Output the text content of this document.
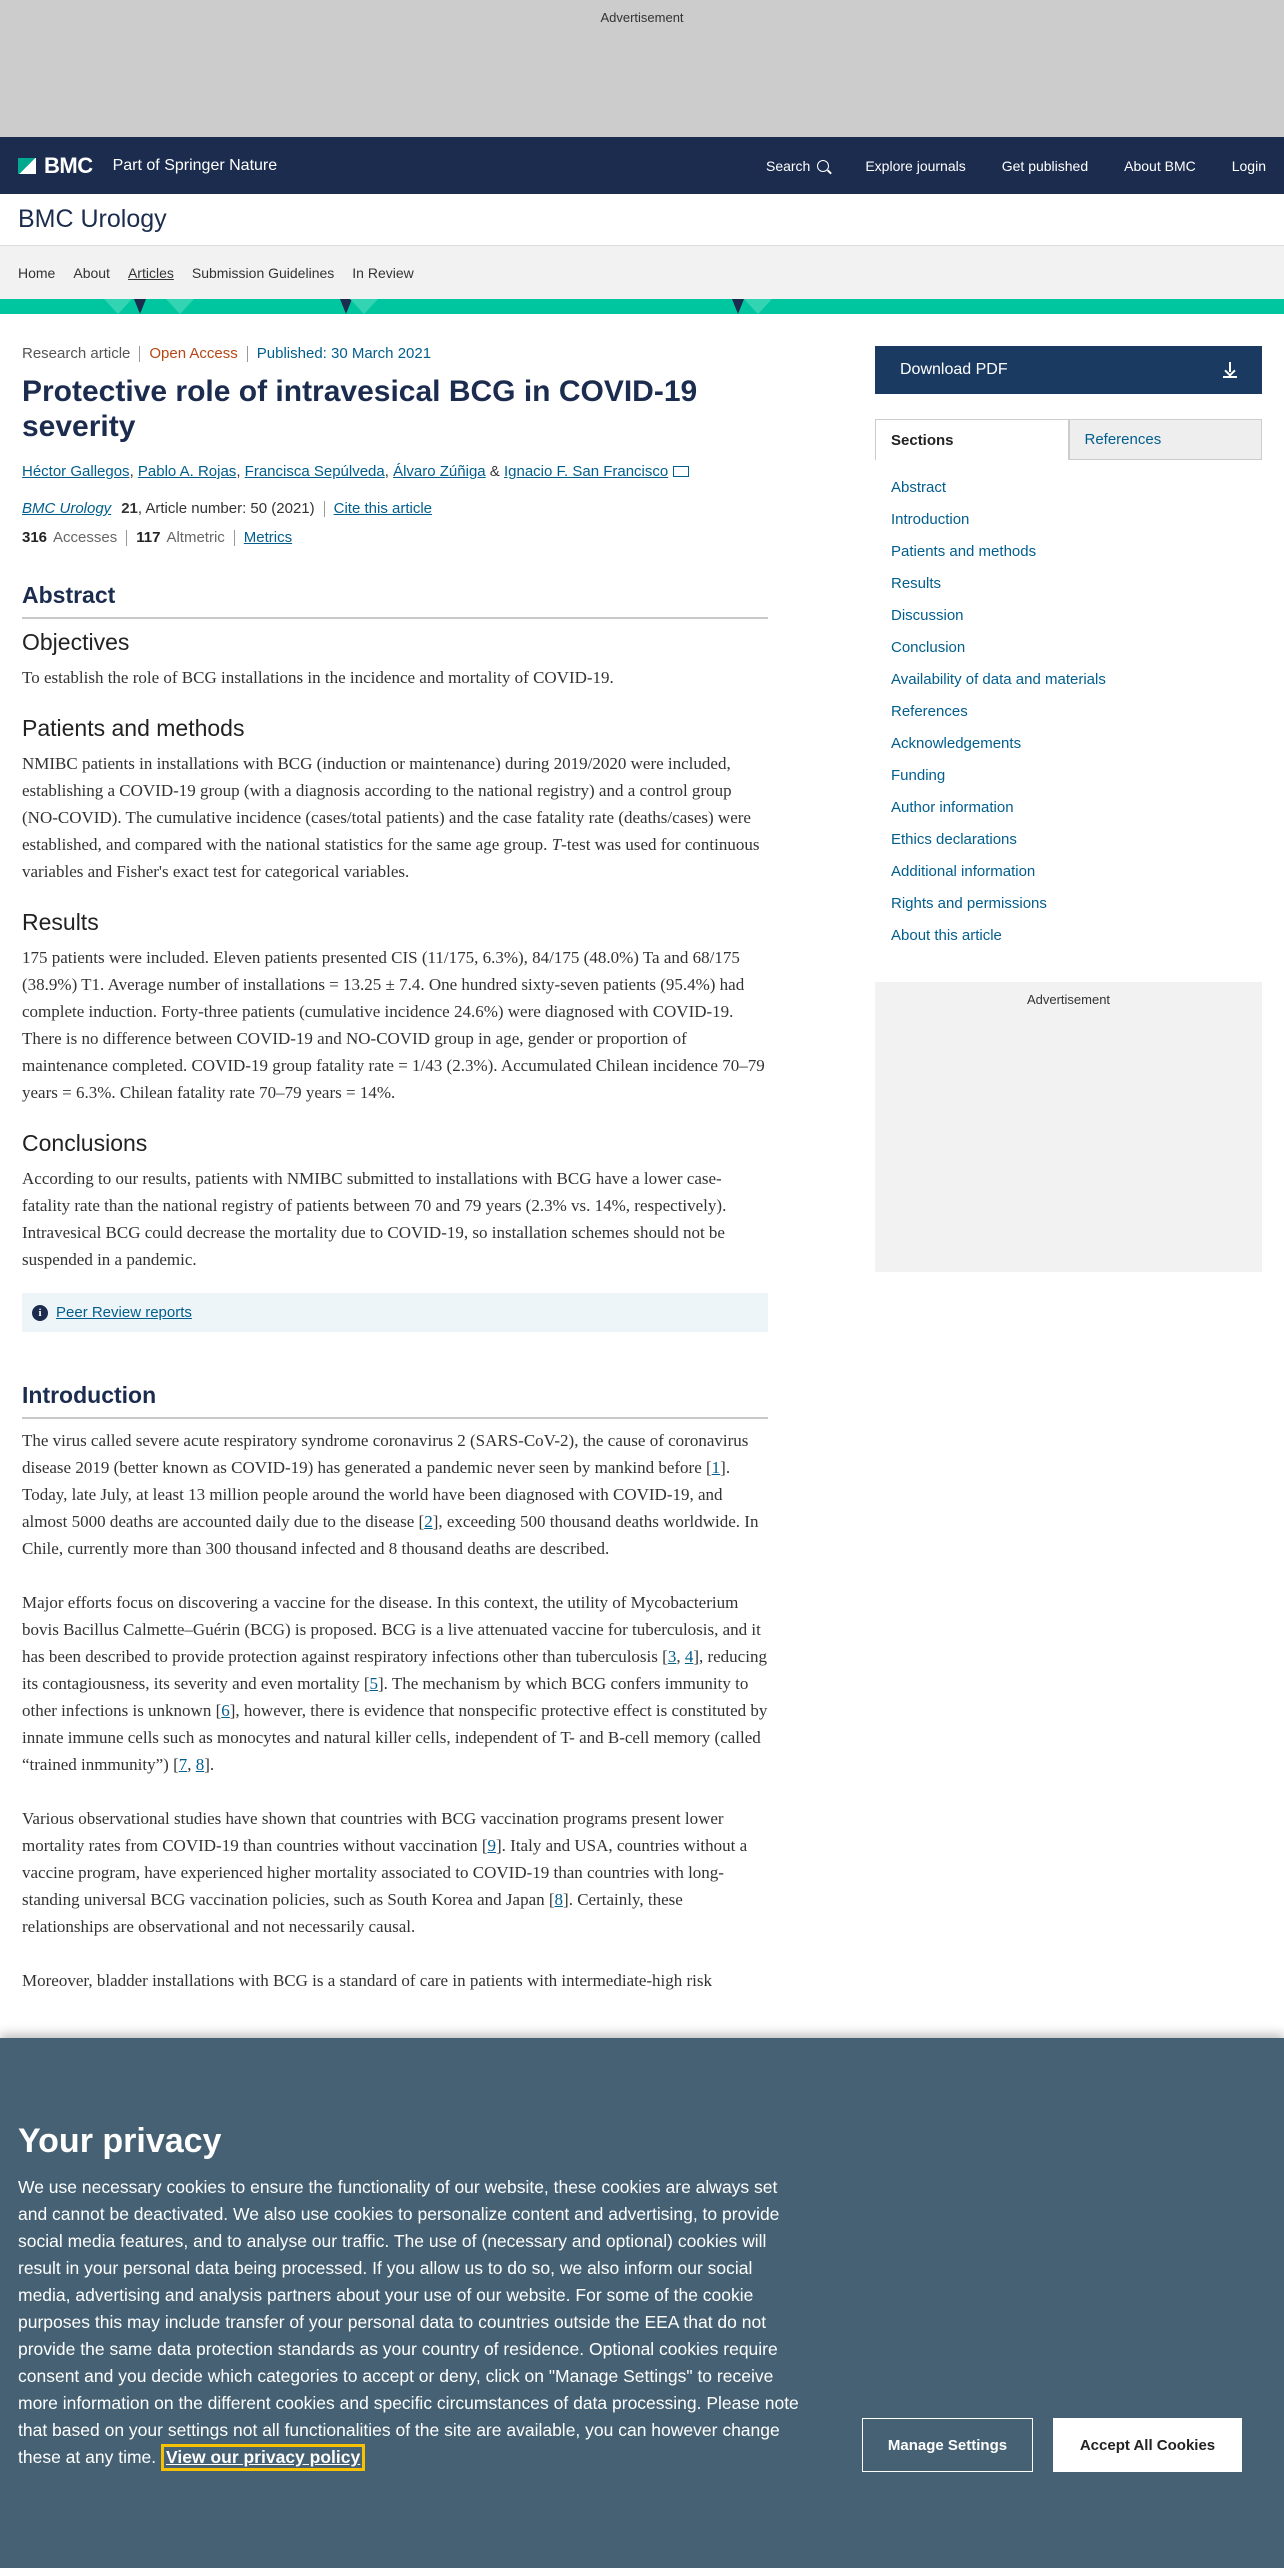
Advertisement
BMC Part of Springer Nature	Search	Explore journals	Get published	About BMC	Login
BMC Urology
Home About Articles Submission Guidelines In Review
Research article Open Access Published: 30 March 2021
Protective role of intravesical BCG in COVID-19 severity
Héctor Gallegos, Pablo A. Rojas, Francisca Sepúlveda, Álvaro Zúñiga & Ignacio F. San Francisco
BMC Urology 21 , Article number: 50 (2021) Cite this article
316 Accesses 117 Altmetric Metrics
Abstract
Objectives

To establish the role of BCG installations in the incidence and mortality of COVID-19.

Patients and methods

NMIBC patients in installations with BCG (induction or maintenance) during 2019/2020 were included, establishing a COVID-19 group (with a diagnosis according to the national registry) and a control group (NO-COVID). The cumulative incidence (cases/total patients) and the case fatality rate (deaths/cases) were established, and compared with the national statistics for the same age group. T-test was used for continuous variables and Fisher's exact test for categorical variables.

Results

175 patients were included. Eleven patients presented CIS (11/175, 6.3%), 84/175 (48.0%) Ta and 68/175 (38.9%) T1. Average number of installations = 13.25 ± 7.4. One hundred sixty-seven patients (95.4%) had complete induction. Forty-three patients (cumulative incidence 24.6%) were diagnosed with COVID-19. There is no difference between COVID-19 and NO-COVID group in age, gender or proportion of maintenance completed. COVID-19 group fatality rate = 1/43 (2.3%). Accumulated Chilean incidence 70–79 years = 6.3%. Chilean fatality rate 70–79 years = 14%.

Conclusions

According to our results, patients with NMIBC submitted to installations with BCG have a lower case-fatality rate than the national registry of patients between 70 and 79 years (2.3% vs. 14%, respectively). Intravesical BCG could decrease the mortality due to COVID-19, so installation schemes should not be suspended in a pandemic.

i Peer Review reports
Introduction

The virus called severe acute respiratory syndrome coronavirus 2 (SARS-CoV-2), the cause of coronavirus disease 2019 (better known as COVID-19) has generated a pandemic never seen by mankind before [1]. Today, late July, at least 13 million people around the world have been diagnosed with COVID-19, and almost 5000 deaths are accounted daily due to the disease [2], exceeding 500 thousand deaths worldwide. In Chile, currently more than 300 thousand infected and 8 thousand deaths are described.

Major efforts focus on discovering a vaccine for the disease. In this context, the utility of Mycobacterium bovis Bacillus Calmette–Guérin (BCG) is proposed. BCG is a live attenuated vaccine for tuberculosis, and it has been described to provide protection against respiratory infections other than tuberculosis [3, 4], reducing its contagiousness, its severity and even mortality [5]. The mechanism by which BCG confers immunity to other infections is unknown [6], however, there is evidence that nonspecific protective effect is constituted by innate immune cells such as monocytes and natural killer cells, independent of T- and B-cell memory (called “trained inmmunity”) [7, 8].

Various observational studies have shown that countries with BCG vaccination programs present lower mortality rates from COVID-19 than countries without vaccination [9]. Italy and USA, countries without a vaccine program, have experienced higher mortality associated to COVID-19 than countries with long-standing universal BCG vaccination policies, such as South Korea and Japan [8]. Certainly, these relationships are observational and not necessarily causal.

Moreover, bladder installations with BCG is a standard of care in patients with intermediate-high risk

Download PDF
Sections	References
Abstract
Introduction
Patients and methods
Results
Discussion
Conclusion
Availability of data and materials
References
Acknowledgements
Funding
Author information
Ethics declarations
Additional information
Rights and permissions
About this article
Advertisement
Your privacy

We use necessary cookies to ensure the functionality of our website, these cookies are always set and cannot be deactivated. We also use cookies to personalize content and advertising, to provide social media features, and to analyse our traffic. The use of (necessary and optional) cookies will result in your personal data being processed. If you allow us to do so, we also inform our social media, advertising and analysis partners about your use of our website. For some of the cookie purposes this may include transfer of your personal data to countries outside the EEA that do not provide the same data protection standards as your country of residence. Optional cookies require consent and you decide which categories to accept or deny, click on "Manage Settings" to receive more information on the different cookies and specific circumstances of data processing. Please note that based on your settings not all functionalities of the site are available, you can however change these at any time. View our privacy policy

Manage Settings	Accept All Cookies
